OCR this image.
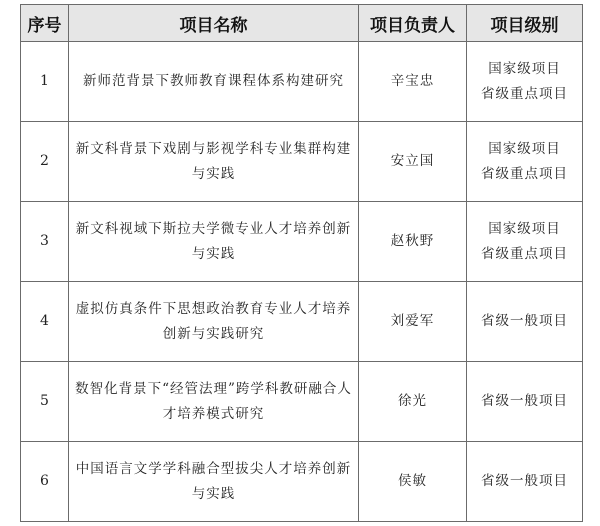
序号	项目名称	项目负责人	项目级别
1	新师范背景下教师教育课程体系构建研究	辛宝忠	国家级项目
省级重点项目

2	新文科背景下戏剧与影视学科专业集群构建与实践	安立国	国家级项目
省级重点项目

3	新文科视域下斯拉夫学微专业人才培养创新与实践	赵秋野	国家级项目
省级重点项目

4	虚拟仿真条件下思想政治教育专业人才培养创新与实践研究	刘爱军	省级一般项目

5	数智化背景下“经管法理”跨学科教研融合人才培养模式研究	徐光	省级一般项目

6	中国语言文学学科融合型拔尖人才培养创新与实践	侯敏	省级一般项目
